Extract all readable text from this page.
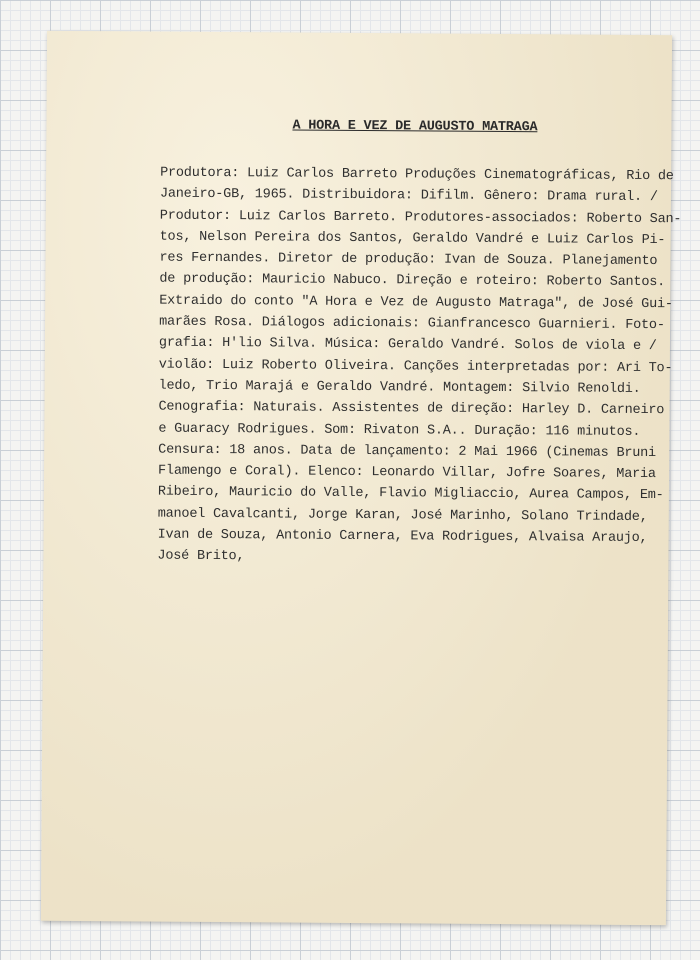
A HORA E VEZ DE AUGUSTO MATRAGA
Produtora: Luiz Carlos Barreto Produções Cinematográficas, Rio de
Janeiro-GB, 1965. Distribuidora: Difilm. Gênero: Drama rural. /
Produtor: Luiz Carlos Barreto. Produtores-associados: Roberto San-
tos, Nelson Pereira dos Santos, Geraldo Vandré e Luiz Carlos Pi-
res Fernandes. Diretor de produção: Ivan de Souza. Planejamento
de produção: Mauricio Nabuco. Direção e roteiro: Roberto Santos.
Extraido do conto "A Hora e Vez de Augusto Matraga", de José Gui-
marães Rosa. Diálogos adicionais: Gianfrancesco Guarnieri. Foto-
grafia: H'lio Silva. Música: Geraldo Vandré. Solos de viola e /
violão: Luiz Roberto Oliveira. Canções interpretadas por: Ari To-
ledo, Trio Marajá e Geraldo Vandré. Montagem: Silvio Renoldi.
Cenografia: Naturais. Assistentes de direção: Harley D. Carneiro
e Guaracy Rodrigues. Som: Rivaton S.A.. Duração: 116 minutos.
Censura: 18 anos. Data de lançamento: 2 Mai 1966 (Cinemas Bruni
Flamengo e Coral). Elenco: Leonardo Villar, Jofre Soares, Maria
Ribeiro, Mauricio do Valle, Flavio Migliaccio, Aurea Campos, Em-
manoel Cavalcanti, Jorge Karan, José Marinho, Solano Trindade,
Ivan de Souza, Antonio Carnera, Eva Rodrigues, Alvaisa Araujo,
José Brito,
